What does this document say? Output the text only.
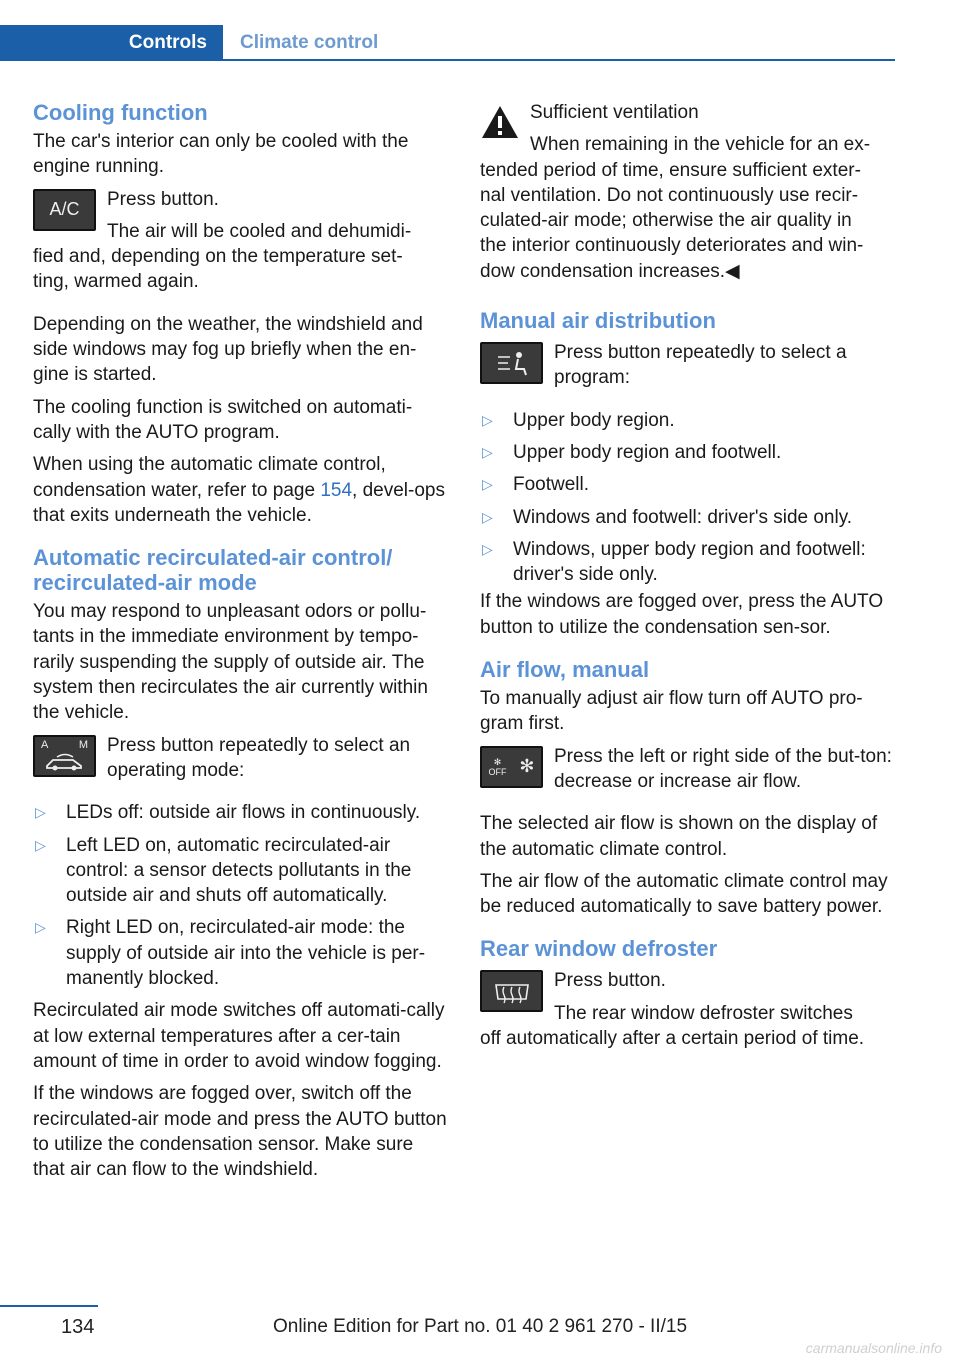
Controls	Climate control
Cooling function

The car's interior can only be cooled with the engine running.

A/C Press button.

The air will be cooled and dehumidi‐

fied and, depending on the temperature set‐
ting, warmed again.

Depending on the weather, the windshield and side windows may fog up briefly when the en‐gine is started.

The cooling function is switched on automati‐cally with the AUTO program.

When using the automatic climate control, condensation water, refer to page 154, devel‐ops that exits underneath the vehicle.

Automatic recirculated-air control/ recirculated-air mode

You may respond to unpleasant odors or pollu‐tants in the immediate environment by tempo‐rarily suspending the supply of outside air. The system then recirculates the air currently within the vehicle.

A	M Press button repeatedly to select an operating mode:

▷	LEDs off: outside air flows in continuously.
▷	Left LED on, automatic recirculated-air control: a sensor detects pollutants in the outside air and shuts off automatically.
▷	Right LED on, recirculated-air mode: the supply of outside air into the vehicle is per‐manently blocked.

Recirculated air mode switches off automati‐cally at low external temperatures after a cer‐tain amount of time in order to avoid window fogging.

If the windows are fogged over, switch off the recirculated-air mode and press the AUTO button to utilize the condensation sensor. Make sure that air can flow to the windshield.

Sufficient ventilation

When remaining in the vehicle for an ex‐

tended period of time, ensure sufficient exter‐
nal ventilation. Do not continuously use recir‐
culated-air mode; otherwise the air quality in
the interior continuously deteriorates and win‐
dow condensation increases.◀

Manual air distribution

Press button repeatedly to select a program:

▷	Upper body region.
▷	Upper body region and footwell.
▷	Footwell.
▷	Windows and footwell: driver's side only.
▷	Windows, upper body region and footwell: driver's side only.

If the windows are fogged over, press the AUTO button to utilize the condensation sen‐sor.

Air flow, manual

To manually adjust air flow turn off AUTO pro‐gram first.

✻
OFF ✻ Press the left or right side of the but‐ton: decrease or increase air flow.

The selected air flow is shown on the display of the automatic climate control.

The air flow of the automatic climate control may be reduced automatically to save battery power.

Rear window defroster

Press button.

The rear window defroster switches

off automatically after a certain period of time.

134	Online Edition for Part no. 01 40 2 961 270 - II/15
carmanualsonline.info
